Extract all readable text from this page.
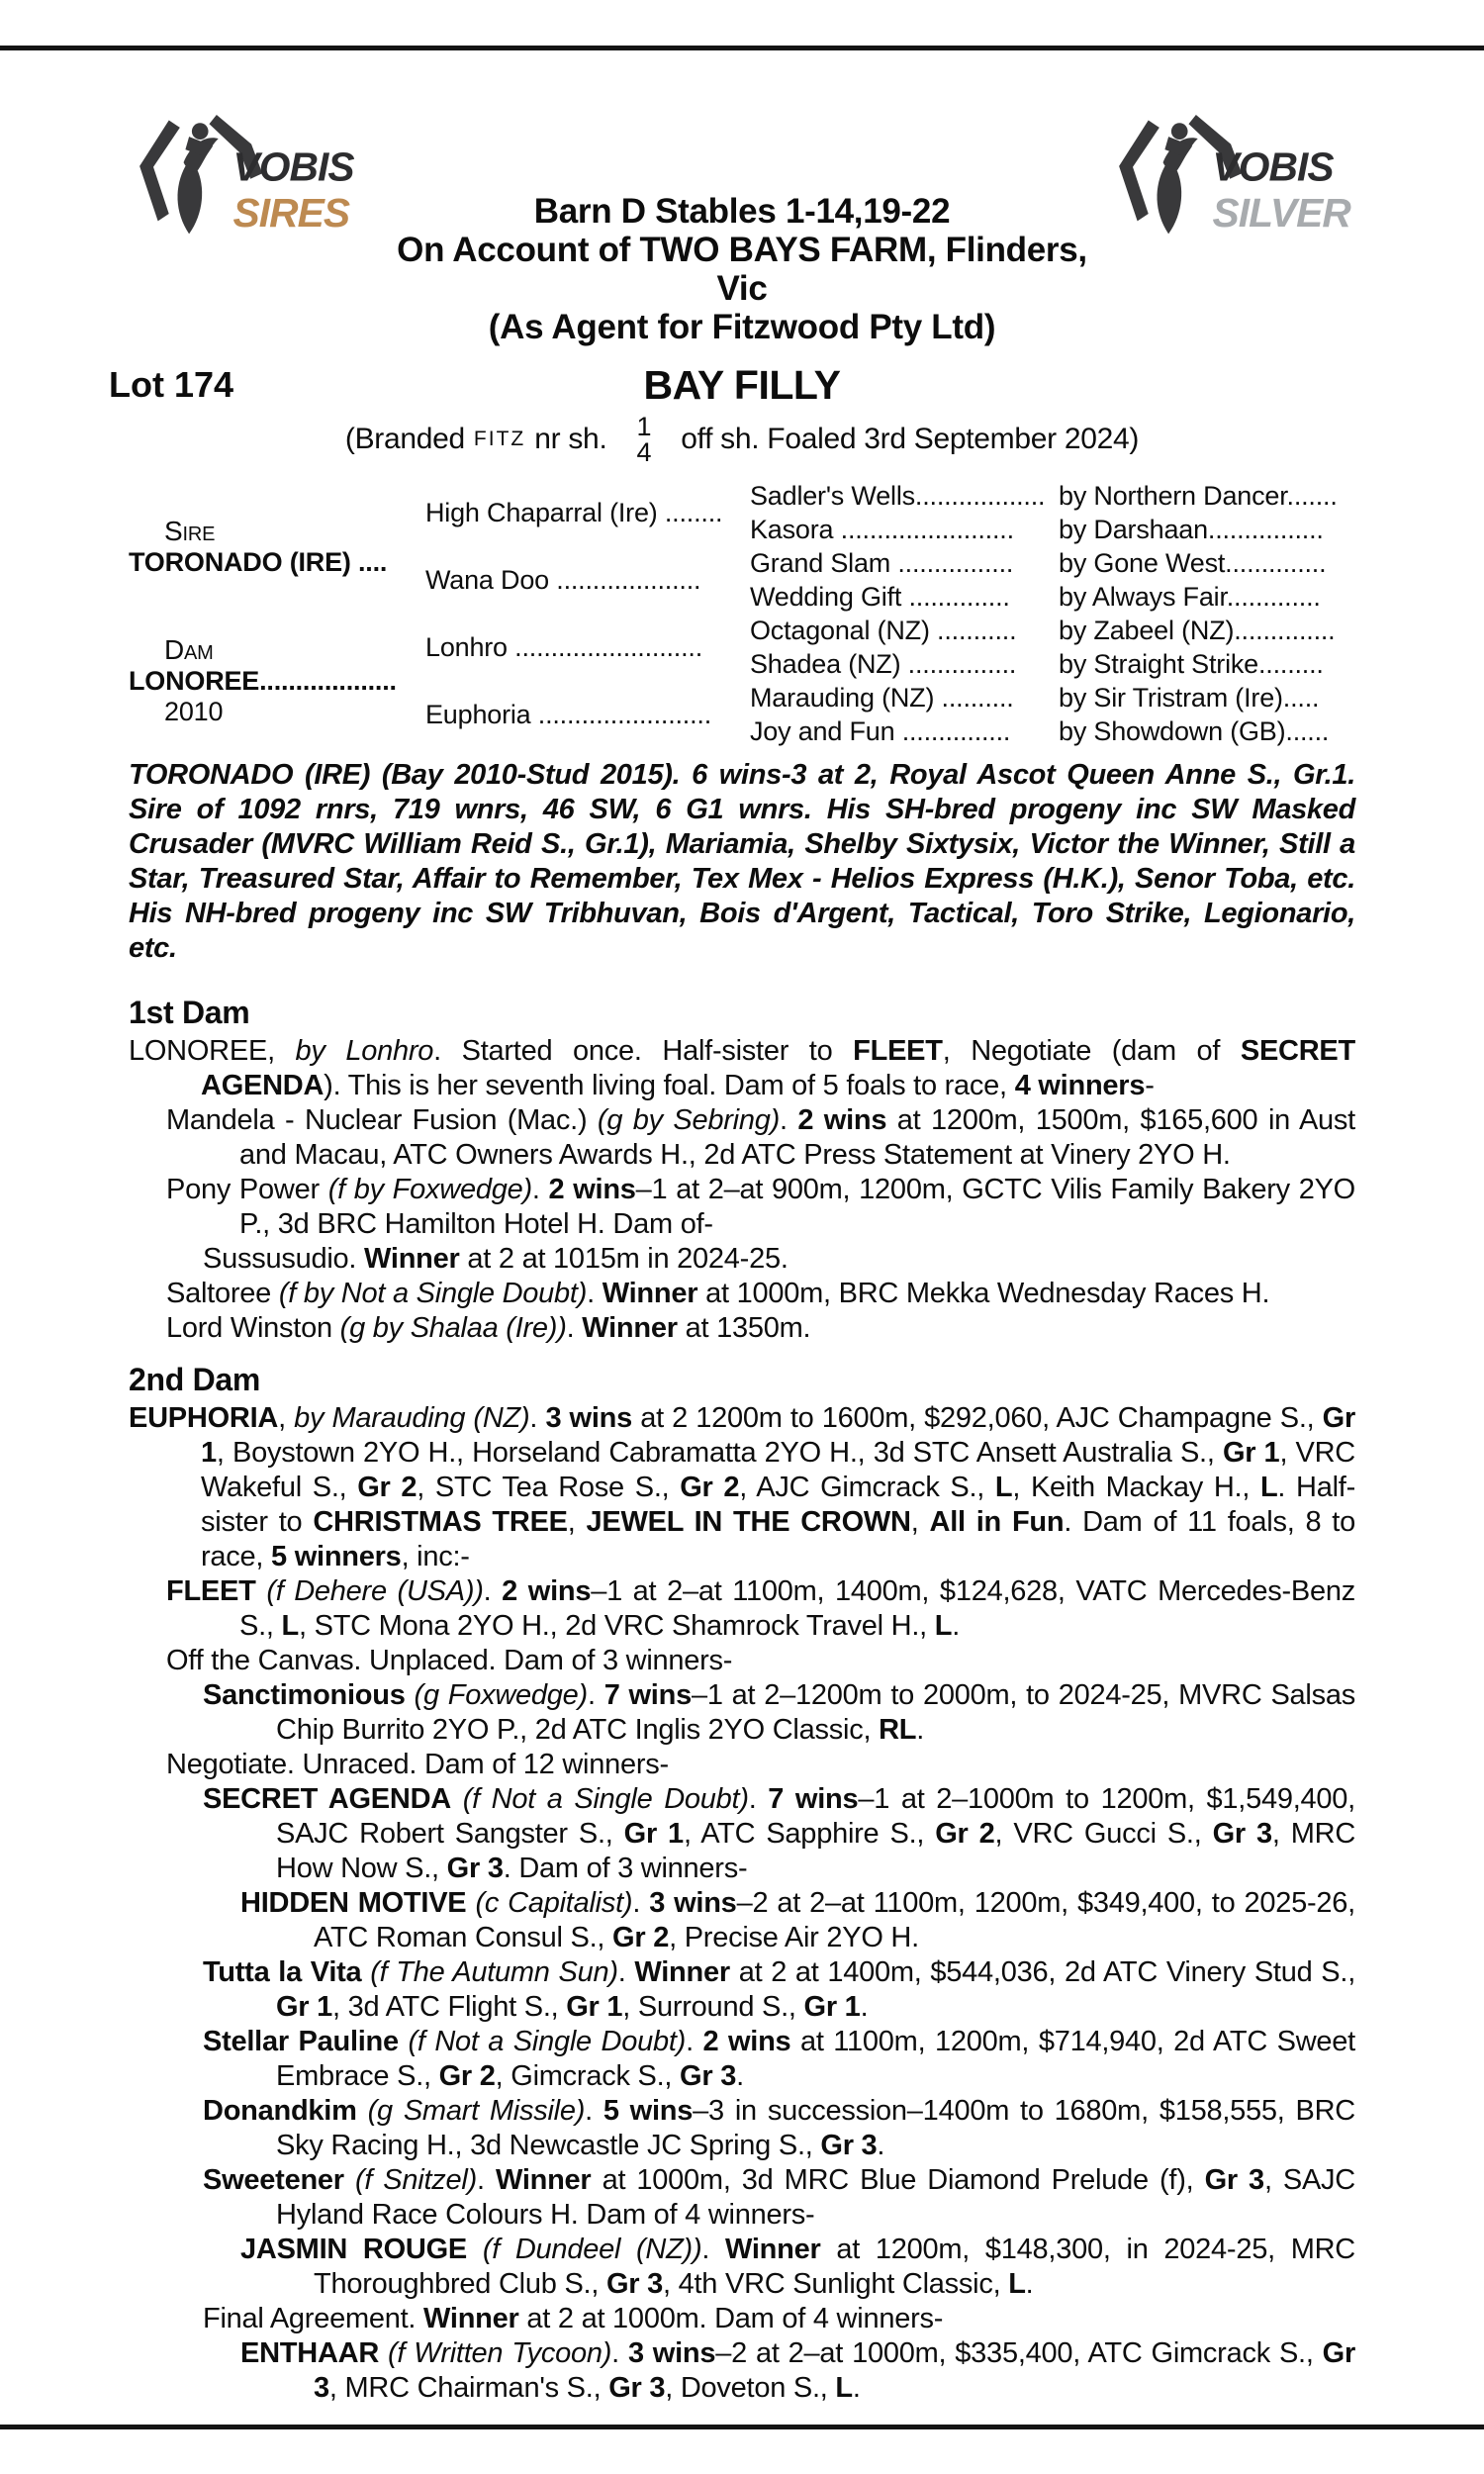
VOBIS
SIRES	Barn D Stables 1-14,19-22
On Account of TWO BAYS FARM, Flinders, Vic
(As Agent for Fitzwood Pty Ltd)
VOBIS
SILVER
Lot 174	BAY FILLY
(Branded FITZ nr sh. 1
4 off sh. Foaled 3rd September 2024)
Sire
TORONADO (IRE) ....
Dam
LONOREE...................
2010
High Chaparral (Ire) ........
Wana Doo ....................
Lonhro ..........................
Euphoria ........................
Sadler's Wells..................
Kasora ........................
Grand Slam ................
Wedding Gift ..............
Octagonal (NZ) ...........
Shadea (NZ) ...............
Marauding (NZ) ..........
Joy and Fun ...............
by Northern Dancer.......
by Darshaan................
by Gone West..............
by Always Fair.............
by Zabeel (NZ)..............
by Straight Strike.........
by Sir Tristram (Ire).....
by Showdown (GB)......

TORONADO (IRE) (Bay 2010-Stud 2015). 6 wins-3 at 2, Royal Ascot Queen Anne S., Gr.1. Sire of 1092 rnrs, 719 wnrs, 46 SW, 6 G1 wnrs. His SH-bred progeny inc SW Masked Crusader (MVRC William Reid S., Gr.1), Mariamia, Shelby Sixtysix, Victor the Winner, Still a Star, Treasured Star, Affair to Remember, Tex Mex - Helios Express (H.K.), Senor Toba, etc. His NH-bred progeny inc SW Tribhuvan, Bois d'Argent, Tactical, Toro Strike, Legionario, etc.

1st Dam

LONOREE, by Lonhro. Started once. Half-sister to FLEET, Negotiate (dam of SECRET AGENDA). This is her seventh living foal. Dam of 5 foals to race, 4 winners-

Mandela - Nuclear Fusion (Mac.) (g by Sebring). 2 wins at 1200m, 1500m, $165,600 in Aust and Macau, ATC Owners Awards H., 2d ATC Press Statement at Vinery 2YO H.

Pony Power (f by Foxwedge). 2 wins–1 at 2–at 900m, 1200m, GCTC Vilis Family Bakery 2YO P., 3d BRC Hamilton Hotel H. Dam of-

Sussusudio. Winner at 2 at 1015m in 2024-25.

Saltoree (f by Not a Single Doubt). Winner at 1000m, BRC Mekka Wednesday Races H.

Lord Winston (g by Shalaa (Ire)). Winner at 1350m.

2nd Dam

EUPHORIA, by Marauding (NZ). 3 wins at 2 1200m to 1600m, $292,060, AJC Champagne S., Gr 1, Boystown 2YO H., Horseland Cabramatta 2YO H., 3d STC Ansett Australia S., Gr 1, VRC Wakeful S., Gr 2, STC Tea Rose S., Gr 2, AJC Gimcrack S., L, Keith Mackay H., L. Half-sister to CHRISTMAS TREE, JEWEL IN THE CROWN, All in Fun. Dam of 11 foals, 8 to race, 5 winners, inc:-

FLEET (f Dehere (USA)). 2 wins–1 at 2–at 1100m, 1400m, $124,628, VATC Mercedes-Benz S., L, STC Mona 2YO H., 2d VRC Shamrock Travel H., L.

Off the Canvas. Unplaced. Dam of 3 winners-

Sanctimonious (g Foxwedge). 7 wins–1 at 2–1200m to 2000m, to 2024-25, MVRC Salsas Chip Burrito 2YO P., 2d ATC Inglis 2YO Classic, RL.

Negotiate. Unraced. Dam of 12 winners-

SECRET AGENDA (f Not a Single Doubt). 7 wins–1 at 2–1000m to 1200m, $1,549,400, SAJC Robert Sangster S., Gr 1, ATC Sapphire S., Gr 2, VRC Gucci S., Gr 3, MRC How Now S., Gr 3. Dam of 3 winners-

HIDDEN MOTIVE (c Capitalist). 3 wins–2 at 2–at 1100m, 1200m, $349,400, to 2025-26, ATC Roman Consul S., Gr 2, Precise Air 2YO H.

Tutta la Vita (f The Autumn Sun). Winner at 2 at 1400m, $544,036, 2d ATC Vinery Stud S., Gr 1, 3d ATC Flight S., Gr 1, Surround S., Gr 1.

Stellar Pauline (f Not a Single Doubt). 2 wins at 1100m, 1200m, $714,940, 2d ATC Sweet Embrace S., Gr 2, Gimcrack S., Gr 3.

Donandkim (g Smart Missile). 5 wins–3 in succession–1400m to 1680m, $158,555, BRC Sky Racing H., 3d Newcastle JC Spring S., Gr 3.

Sweetener (f Snitzel). Winner at 1000m, 3d MRC Blue Diamond Prelude (f), Gr 3, SAJC Hyland Race Colours H. Dam of 4 winners-

JASMIN ROUGE (f Dundeel (NZ)). Winner at 1200m, $148,300, in 2024-25, MRC Thoroughbred Club S., Gr 3, 4th VRC Sunlight Classic, L.

Final Agreement. Winner at 2 at 1000m. Dam of 4 winners-

ENTHAAR (f Written Tycoon). 3 wins–2 at 2–at 1000m, $335,400, ATC Gimcrack S., Gr 3, MRC Chairman's S., Gr 3, Doveton S., L.
